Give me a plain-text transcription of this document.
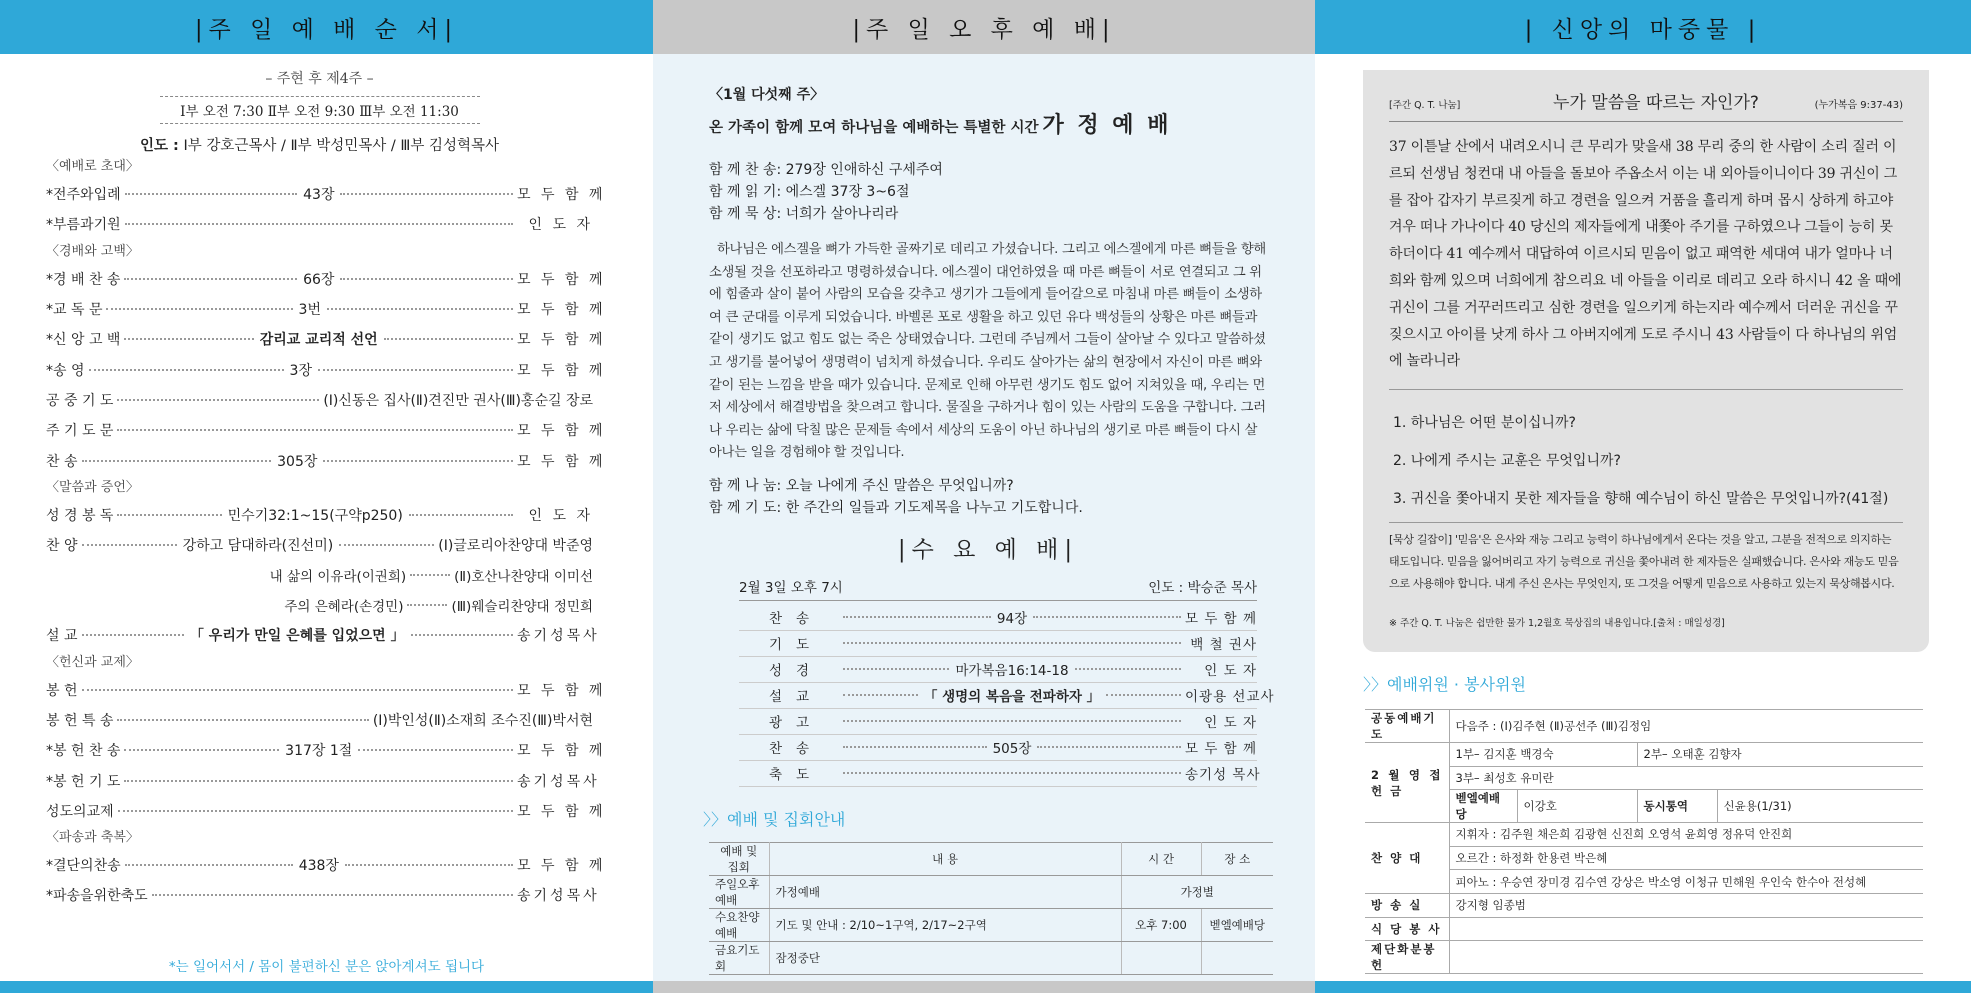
|주 일 예 배 순 서|
– 주현 후 제4주 –
Ⅰ부 오전 7:30 Ⅱ부 오전 9:30 Ⅲ부 오전 11:30
인도 : Ⅰ부 강호근목사 / Ⅱ부 박성민목사 / Ⅲ부 김성혁목사
〈예배로 초대〉
*전주와입례	43장	모 두 함 께
*부름과기원	인 도 자
〈경배와 고백〉
*경 배 찬 송	66장	모 두 함 께
*교 독 문	3번	모 두 함 께
*신 앙 고 백	감리교 교리적 선언	모 두 함 께
*송 영	3장	모 두 함 께
공 중 기 도	(Ⅰ)신동은 집사(Ⅱ)견진만 권사(Ⅲ)홍순길 장로
주 기 도 문	모 두 함 께
찬 송	305장	모 두 함 께
〈말씀과 증언〉
성 경 봉 독	민수기32:1~15(구약p250)	인 도 자
찬 양	강하고 담대하라(진선미)	(Ⅰ)글로리아찬양대 박준영
내 삶의 이유라(이권희)	(Ⅱ)호산나찬양대 이미선
주의 은혜라(손경민)	(Ⅲ)웨슬리찬양대 정민희
설 교	「 우리가 만일 은혜를 입었으면 」	송기성목사
〈헌신과 교제〉
봉 헌	모 두 함 께
봉 헌 특 송	(Ⅰ)박인성(Ⅱ)소재희 조수진(Ⅲ)박서현
*봉 헌 찬 송	317장 1절	모 두 함 께
*봉 헌 기 도	송기성목사
성도의교제	모 두 함 께
〈파송과 축복〉
*결단의찬송	438장	모 두 함 께
*파송을위한축도	송기성목사
*는 일어서서 / 몸이 불편하신 분은 앉아계셔도 됩니다
|주 일 오 후 예 배|
〈1월 다섯째 주〉
온 가족이 함께 모여 하나님을 예배하는 특별한 시간 가 정 예 배
함 께 찬 송: 279장 인애하신 구세주여
함 께 읽 기: 에스겔 37장 3~6절
함 께 묵 상: 너희가 살아나리라
하나님은 에스겔을 뼈가 가득한 골짜기로 데리고 가셨습니다. 그리고 에스겔에게 마른 뼈들을 향해 소생될 것을 선포하라고 명령하셨습니다. 에스겔이 대언하였을 때 마른 뼈들이 서로 연결되고 그 위에 힘줄과 살이 붙어 사람의 모습을 갖추고 생기가 그들에게 들어갈으로 마침내 마른 뼈들이 소생하여 큰 군대를 이루게 되었습니다. 바벨론 포로 생활을 하고 있던 유다 백성들의 상황은 마른 뼈들과 같이 생기도 없고 힘도 없는 죽은 상태였습니다. 그런데 주님께서 그들이 살아날 수 있다고 말씀하셨고 생기를 불어넣어 생명력이 넘치게 하셨습니다. 우리도 살아가는 삶의 현장에서 자신이 마른 뼈와 같이 된는 느낌을 받을 때가 있습니다. 문제로 인해 아무런 생기도 힘도 없어 지쳐있을 때, 우리는 먼저 세상에서 해결방법을 찾으려고 합니다. 물질을 구하거나 힘이 있는 사람의 도움을 구합니다. 그러나 우리는 삶에 닥칠 많은 문제들 속에서 세상의 도움이 아닌 하나님의 생기로 마른 뼈들이 다시 살아나는 일을 경험해야 할 것입니다.
함 께 나 눔: 오늘 나에게 주신 말씀은 무엇입니까?
함 께 기 도: 한 주간의 일들과 기도제목을 나누고 기도합니다.
|수 요 예 배|
2월 3일 오후 7시	인도 : 박승준 목사
찬송	94장	모 두 함 께
기도	백 철 권사
성경	마가복음16:14-18	인 도 자
설교	「 생명의 복음을 전파하자 」	이광용 선교사
광고	인 도 자
찬송	505장	모 두 함 께
축도	송기성 목사
〉〉예배 및 집회안내
예배 및 집회	내 용	시 간	장 소
주일오후예배	가정예배	가정별	
수요찬양예배	기도 및 안내 : 2/10~1구역, 2/17~2구역	오후 7:00	벧엘예배당
금요기도회	잠정중단		
| 신앙의 마중물 |
[주간 Q. T. 나눔]	누가 말씀을 따르는 자인가?	(누가복음 9:37-43)
37 이튿날 산에서 내려오시니 큰 무리가 맞을새 38 무리 중의 한 사람이 소리 질러 이르되 선생님 청컨대 내 아들을 돌보아 주옵소서 이는 내 외아들이니이다 39 귀신이 그를 잡아 갑자기 부르짖게 하고 경련을 일으켜 거품을 흘리게 하며 몹시 상하게 하고야 겨우 떠나 가나이다 40 당신의 제자들에게 내쫓아 주기를 구하였으나 그들이 능히 못하더이다 41 예수께서 대답하여 이르시되 믿음이 없고 패역한 세대여 내가 얼마나 너희와 함께 있으며 너희에게 참으리요 네 아들을 이리로 데리고 오라 하시니 42 올 때에 귀신이 그를 거꾸러뜨리고 심한 경련을 일으키게 하는지라 예수께서 더러운 귀신을 꾸짖으시고 아이를 낫게 하사 그 아버지에게 도로 주시니 43 사람들이 다 하나님의 위엄에 놀라니라
1. 하나님은 어떤 분이십니까?
2. 나에게 주시는 교훈은 무엇입니까?
3. 귀신을 쫓아내지 못한 제자들을 향해 예수님이 하신 말씀은 무엇입니까?(41절)
[묵상 길잡이] '믿음'은 은사와 재능 그리고 능력이 하나님에게서 온다는 것을 알고, 그분을 전적으로 의지하는 태도입니다. 믿음을 잃어버리고 자기 능력으로 귀신을 쫓아내려 한 제자들은 실패했습니다. 은사와 재능도 믿음으로 사용해야 합니다. 내게 주신 은사는 무엇인지, 또 그것을 어떻게 믿음으로 사용하고 있는지 묵상해봅시다.
※ 주간 Q. T. 나눔은 쉽만한 물가 1,2월호 묵상집의 내용입니다.[출처 : 매일성경]
〉〉예배위원 · 봉사위원
공동예배기도	다음주 : (Ⅰ)김주현 (Ⅱ)공선주 (Ⅲ)김정임			
2 월 영 접 헌 금	1부– 김지훈 백경숙		2부– 오태훈 김향자	
	3부– 최성호 유미란			
	벧엘예배당	이강호	동시통역	신윤용(1/31)
찬 양 대	지휘자 : 김주원 채은희 김광현 신진희 오영석 윤희영 정유덕 안진희			
	오르간 : 하정화 한용련 박은혜			
	피아노 : 우승연 장미경 김수연 강상은 박소영 이청규 민해원 우인숙 한수아 전성혜			
방 송 실	강지형 임종범			
식 당 봉 사				
제단화분봉헌				
